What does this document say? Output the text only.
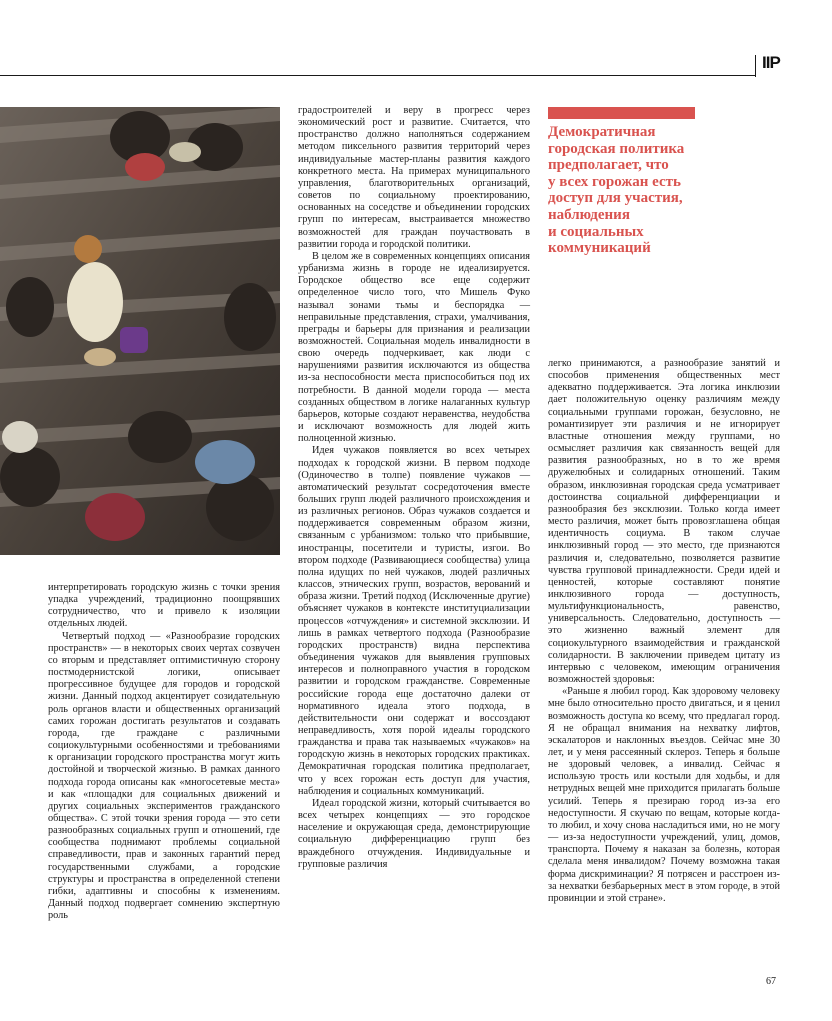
IIP

интерпретировать городскую жизнь с точки зрения упадка учреждений, традиционно поощрявших сотрудничество, что и привело к изоляции отдельных людей.

Четвертый подход — «Разнообразие городских пространств» — в некоторых своих чертах созвучен со вторым и представляет оптимистичную сторону постмодернистской логики, описывает прогрессивное будущее для городов и городской жизни. Данный подход акцентирует созидательную роль органов власти и общественных организаций самих горожан достигать результатов и создавать города, где граждане с различными социокультурными особенностями и требованиями к организации городского пространства могут жить достойной и творческой жизнью. В рамках данного подхода города описаны как «многосетевые места» и как «площадки для социальных движений и других социальных экспериментов гражданского общества». С этой точки зрения города — это сети разнообразных социальных групп и отношений, где сообщества поднимают проблемы социальной справедливости, прав и законных гарантий перед государственными службами, а городские структуры и пространства в определенной степени гибки, адаптивны и способны к изменениям. Данный подход подвергает сомнению экспертную роль

градостроителей и веру в прогресс через экономический рост и развитие. Считается, что пространство должно наполняться содержанием методом пиксельного развития территорий через индивидуальные мастер-планы развития каждого конкретного места. На примерах муниципального управления, благотворительных организаций, советов по социальному проектированию, основанных на соседстве и объединении городских групп по интересам, выстраивается множество возможностей для граждан поучаствовать в развитии города и городской политики.

В целом же в современных концепциях описания урбанизма жизнь в городе не идеализируется. Городское общество все еще содержит определенное число того, что Мишель Фуко называл зонами тьмы и беспорядка — неправильные представления, страхи, умалчивания, преграды и барьеры для признания и реализации возможностей. Социальная модель инвалидности в свою очередь подчеркивает, как люди с нарушениями развития исключаются из общества из-за неспособности места приспособиться под их потребности. В данной модели города — места созданных обществом в логике налаганных культур барьеров, которые создают неравенства, неудобства и исключают возможность для людей жить полноценной жизнью.

Идея чужаков появляется во всех четырех подходах к городской жизни. В первом подходе (Одиночество в толпе) появление чужаков — автоматический результат сосредоточения вместе больших групп людей различного происхождения и из различных регионов. Образ чужаков создается и поддерживается современным образом жизни, связанным с урбанизмом: только что прибывшие, иностранцы, посетители и туристы, изгои. Во втором подходе (Развивающиеся сообщества) улица полна идущих по ней чужаков, людей различных классов, этнических групп, возрастов, верований и образа жизни. Третий подход (Исключенные другие) объясняет чужаков в контексте институциализации процессов «отчуждения» и системной эксклюзии. И лишь в рамках четвертого подхода (Разнообразие городских пространств) видна перспектива объединения чужаков для выявления групповых интересов и полноправного участия в городском развитии и городском гражданстве. Современные российские города еще достаточно далеки от нормативного идеала этого подхода, в действительности они содержат и воссоздают неправедливость, хотя порой идеалы городского гражданства и права так называемых «чужаков» на городскую жизнь в некоторых городских практиках. Демократичная городская политика предполагает, что у всех горожан есть доступ для участия, наблюдения и социальных коммуникаций.

Идеал городской жизни, который считывается во всех четырех концепциях — это городское население и окружающая среда, демонстрирующие социальную дифференциацию групп без враждебного отчуждения. Индивидуальные и групповые различия

Демократичная
городская политика
предполагает, что
у всех горожан есть
доступ для участия,
наблюдения
и социальных
коммуникаций

легко принимаются, а разнообразие занятий и способов применения общественных мест адекватно поддерживается. Эта логика инклюзии дает положительную оценку различиям между социальными группами горожан, безусловно, не романтизирует эти различия и не игнорирует властные отношения между группами, но осмысляет различия как связанность вещей для развития разнообразных, но в то же время дружелюбных и солидарных отношений. Таким образом, инклюзивная городская среда усматривает достоинства социальной дифференциации и разнообразия без эксклюзии. Только когда имеет место различия, может быть провозглашена общая идентичность социума. В таком случае инклюзивный город — это место, где признаются различия и, следовательно, позволяется развитие чувства групповой принадлежности. Среди идей и ценностей, которые составляют понятие инклюзивного города — доступность, мультифункциональность, равенство, универсальность. Следовательно, доступность — это жизненно важный элемент для социокультурного взаимодействия и гражданской солидарности. В заключении приведем цитату из интервью с человеком, имеющим ограничения возможностей здоровья:

«Раньше я любил город. Как здоровому человеку мне было относительно просто двигаться, и я ценил возможность доступа ко всему, что предлагал город. Я не обращал внимания на нехватку лифтов, эскалаторов и наклонных въездов. Сейчас мне 30 лет, и у меня рассеянный склероз. Теперь я больше не здоровый человек, а инвалид. Сейчас я использую трость или костыли для ходьбы, и для нетрудных вещей мне приходится прилагать больше усилий. Теперь я презираю город из-за его недоступности. Я скучаю по вещам, которые когда-то любил, и хочу снова насладиться ими, но не могу — из-за недоступности учреждений, улиц, домов, транспорта. Почему я наказан за болезнь, которая сделала меня инвалидом? Почему возможна такая форма дискриминации? Я потрясен и расстроен из-за нехватки безбарьерных мест в этом городе, в этой провинции и этой стране».

67
